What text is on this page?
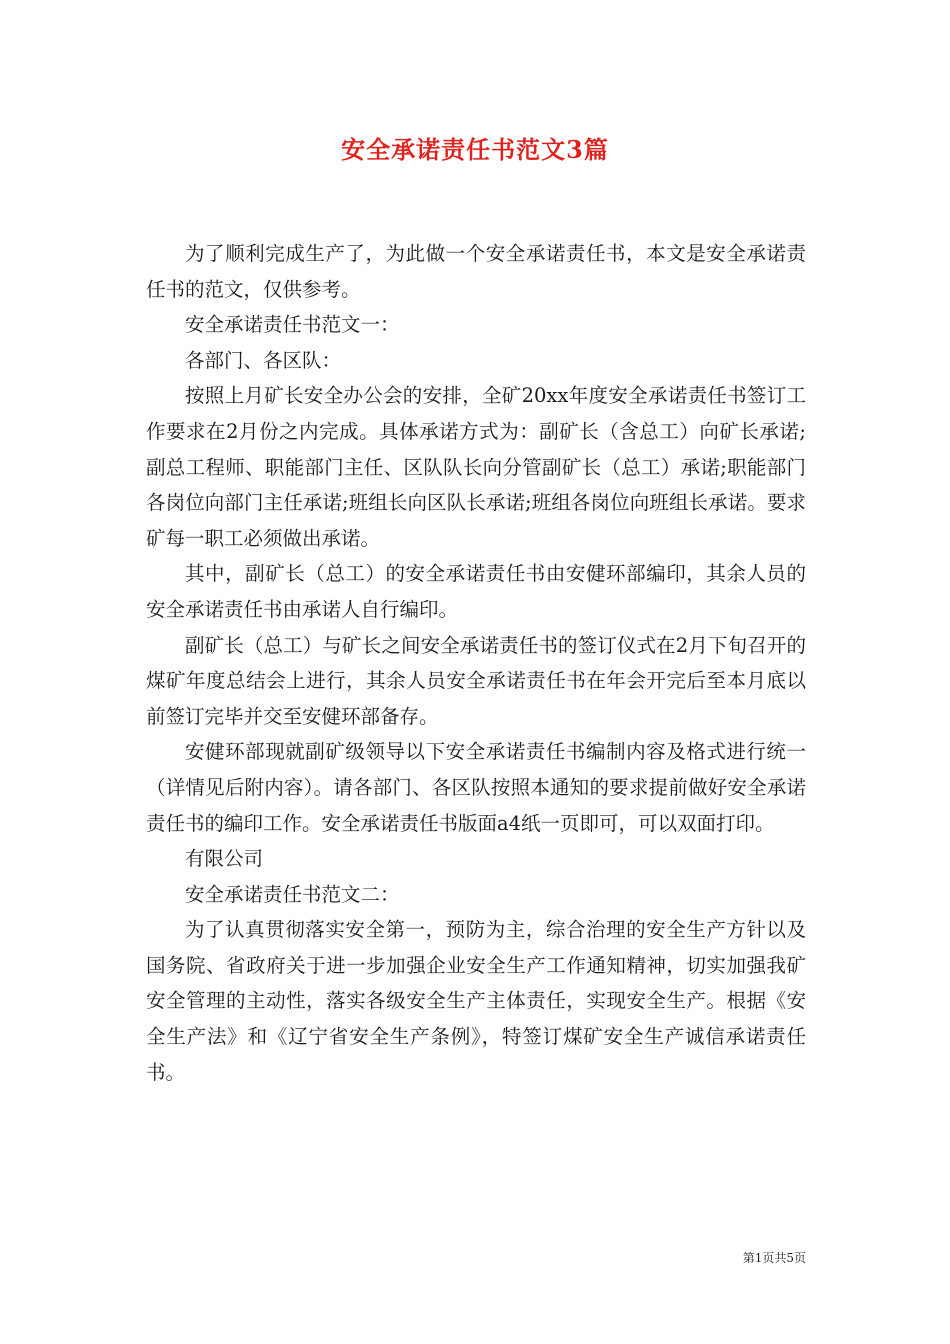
安全承诺责任书范文3篇

为了顺利完成生产了，为此做一个安全承诺责任书，本文是安全承诺责任书的范文，仅供参考。

安全承诺责任书范文一：

各部门、各区队：

按照上月矿长安全办公会的安排，全矿20xx年度安全承诺责任书签订工作要求在2月份之内完成。具体承诺方式为：副矿长（含总工）向矿长承诺;副总工程师、职能部门主任、区队队长向分管副矿长（总工）承诺;职能部门各岗位向部门主任承诺;班组长向区队长承诺;班组各岗位向班组长承诺。要求矿每一职工必须做出承诺。

其中，副矿长（总工）的安全承诺责任书由安健环部编印，其余人员的安全承诺责任书由承诺人自行编印。

副矿长（总工）与矿长之间安全承诺责任书的签订仪式在2月下旬召开的煤矿年度总结会上进行，其余人员安全承诺责任书在年会开完后至本月底以前签订完毕并交至安健环部备存。

安健环部现就副矿级领导以下安全承诺责任书编制内容及格式进行统一（详情见后附内容）。请各部门、各区队按照本通知的要求提前做好安全承诺责任书的编印工作。安全承诺责任书版面a4纸一页即可，可以双面打印。

有限公司

安全承诺责任书范文二：

为了认真贯彻落实安全第一，预防为主，综合治理的安全生产方针以及国务院、省政府关于进一步加强企业安全生产工作通知精神，切实加强我矿安全管理的主动性，落实各级安全生产主体责任，实现安全生产。根据《安全生产法》和《辽宁省安全生产条例》，特签订煤矿安全生产诚信承诺责任书。

第1页共5页
